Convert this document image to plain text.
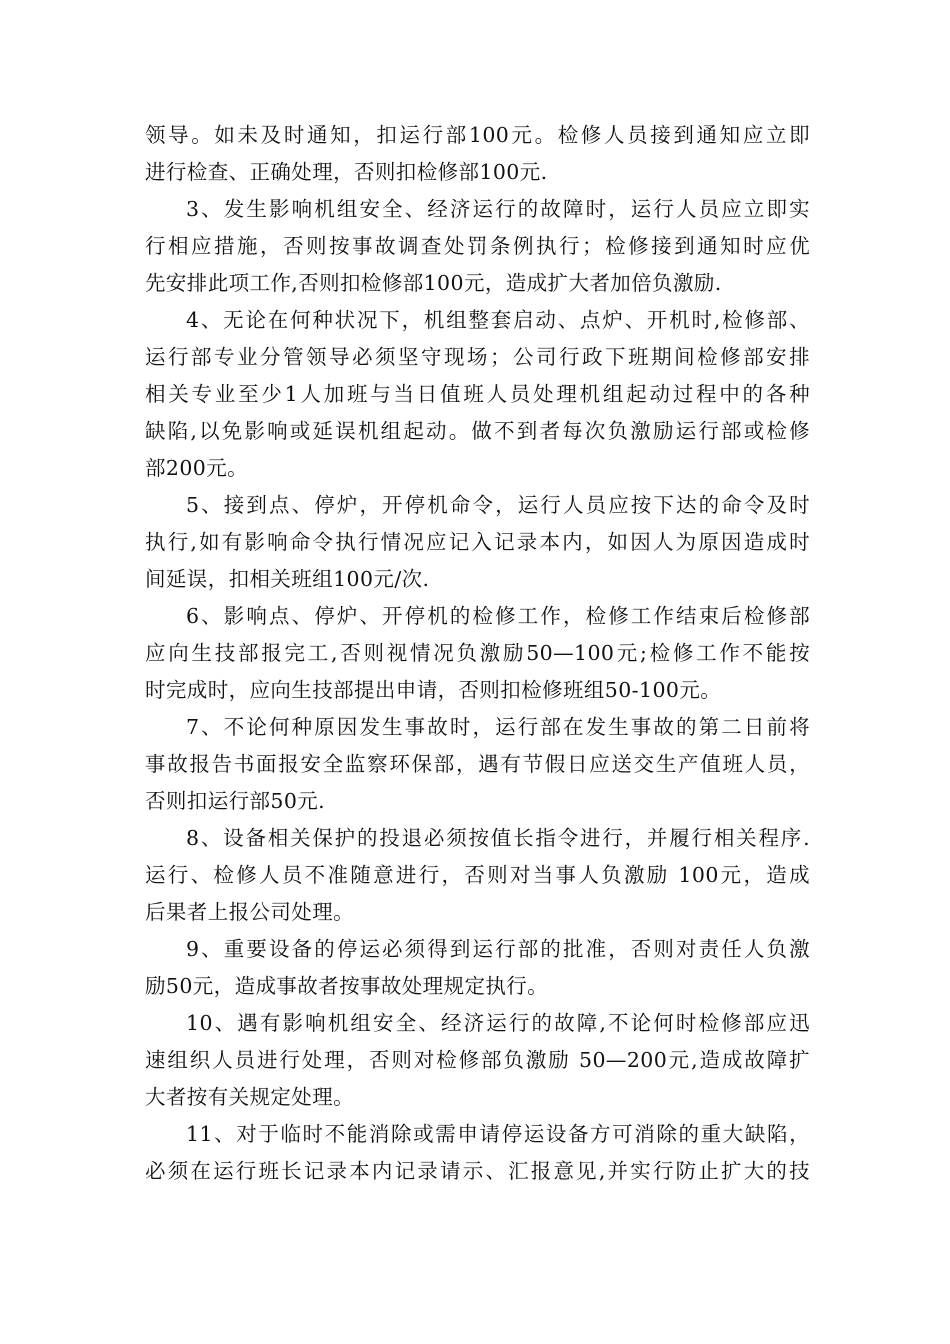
领导。如未及时通知，扣运行部100元。检修人员接到通知应立即
进行检查、正确处理，否则扣检修部100元.
3、发生影响机组安全、经济运行的故障时，运行人员应立即实
行相应措施，否则按事故调查处罚条例执行；检修接到通知时应优
先安排此项工作,否则扣检修部100元，造成扩大者加倍负激励.
4、无论在何种状况下，机组整套启动、点炉、开机时,检修部、
运行部专业分管领导必须坚守现场；公司行政下班期间检修部安排
相关专业至少1人加班与当日值班人员处理机组起动过程中的各种
缺陷,以免影响或延误机组起动。做不到者每次负激励运行部或检修
部200元。
5、接到点、停炉，开停机命令，运行人员应按下达的命令及时
执行,如有影响命令执行情况应记入记录本内，如因人为原因造成时
间延误，扣相关班组100元/次.
6、影响点、停炉、开停机的检修工作，检修工作结束后检修部
应向生技部报完工,否则视情况负激励50—100元;检修工作不能按
时完成时，应向生技部提出申请，否则扣检修班组50-100元。
7、不论何种原因发生事故时，运行部在发生事故的第二日前将
事故报告书面报安全监察环保部，遇有节假日应送交生产值班人员，
否则扣运行部50元.
8、设备相关保护的投退必须按值长指令进行，并履行相关程序.
运行、检修人员不准随意进行，否则对当事人负激励 100元，造成
后果者上报公司处理。
9、重要设备的停运必须得到运行部的批准，否则对责任人负激
励50元，造成事故者按事故处理规定执行。
10、遇有影响机组安全、经济运行的故障,不论何时检修部应迅
速组织人员进行处理，否则对检修部负激励 50—200元,造成故障扩
大者按有关规定处理。
11、对于临时不能消除或需申请停运设备方可消除的重大缺陷，
必须在运行班长记录本内记录请示、汇报意见,并实行防止扩大的技
